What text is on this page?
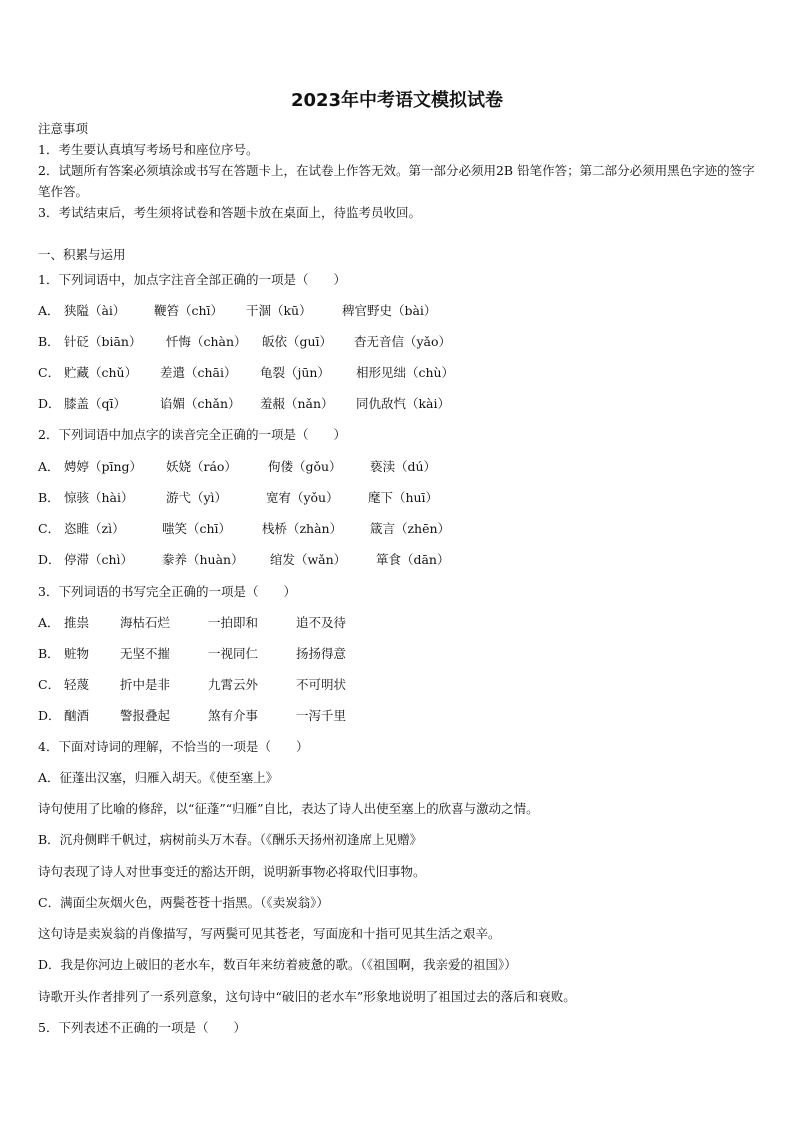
2023年中考语文模拟试卷
注意事项
1．考生要认真填写考场号和座位序号。
2．试题所有答案必须填涂或书写在答题卡上，在试卷上作答无效。第一部分必须用2B 铅笔作答；第二部分必须用黑色字迹的签字笔作答。
3．考试结束后，考生须将试卷和答题卡放在桌面上，待监考员收回。
一、积累与运用
1．下列词语中，加点字注音全部正确的一项是（　　）
A． 狭隘（ài） 鞭笞（chī） 干涸（kū） 稗官野史（bài）
B． 针砭（biān） 忏悔（chàn） 皈依（guī） 杳无音信（yǎo）
C． 贮藏（chǔ） 差遣（chāi） 龟裂（jūn） 相形见绌（chù）
D． 膝盖（qī）	谄媚（chǎn） 羞赧（nǎn） 同仇敌忾（kài）
2．下列词语中加点字的读音完全正确的一项是（　　）
A． 娉婷（pīng） 妖娆（ráo） 佝偻（gǒu） 亵渎（dú）
B． 惊骇（hài）	游弋（yì）	宽宥（yǒu） 麾下（huī）
C． 恣睢（zì）	嗤笑（chī） 栈桥（zhàn） 箴言（zhēn）
D． 停滞（chì） 豢养（huàn） 绾发（wǎn） 箪食（dān）
3．下列词语的书写完全正确的一项是（　　）
A． 推祟 海枯石烂	一拍即和	追不及待
B． 赃物 无坚不摧	一视同仁	扬扬得意
C． 轻蔑 折中是非	九霄云外	不可明状
D． 酗酒 警报叠起	煞有介事	一泻千里
4．下面对诗词的理解，不恰当的一项是（　　）
A．征蓬出汉塞，归雁入胡天。《使至塞上》
诗句使用了比喻的修辞，以“征蓬”“归雁”自比，表达了诗人出使至塞上的欣喜与激动之情。
B．沉舟侧畔千帆过，病树前头万木春。（《酬乐天扬州初逢席上见赠》
诗句表现了诗人对世事变迁的豁达开朗，说明新事物必将取代旧事物。
C．满面尘灰烟火色，两鬓苍苍十指黑。（《卖炭翁》）
这句诗是卖炭翁的肖像描写，写两鬓可见其苍老，写面庞和十指可见其生活之艰辛。
D．我是你河边上破旧的老水车，数百年来纺着疲惫的歌。（《祖国啊，我亲爱的祖国》）
诗歌开头作者排列了一系列意象，这句诗中“破旧的老水车”形象地说明了祖国过去的落后和衰败。
5．下列表述不正确的一项是（　　）
